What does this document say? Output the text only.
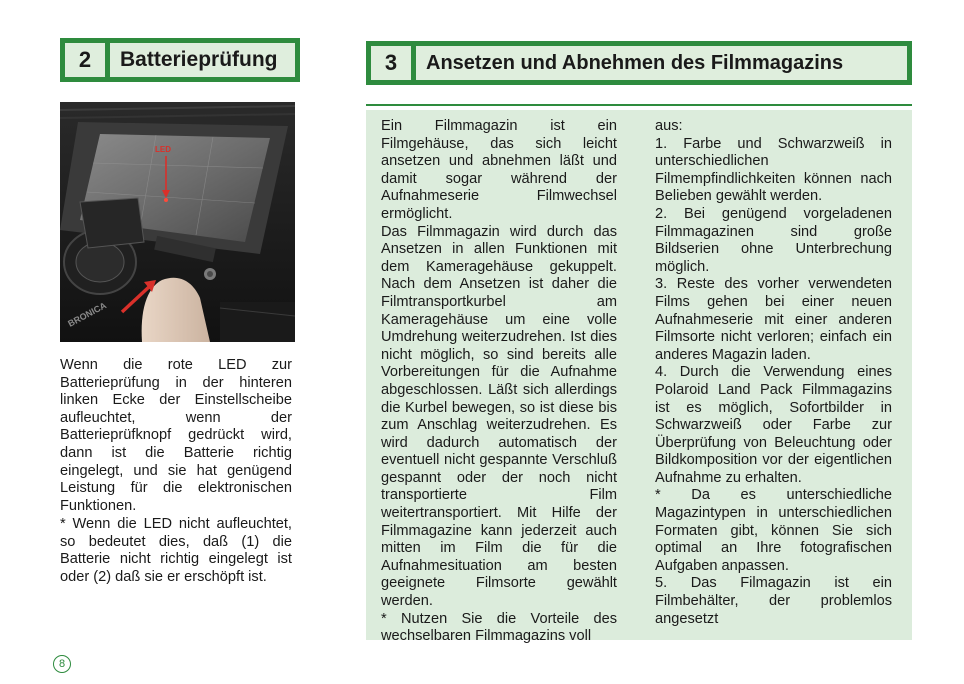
2	Batterieprüfung	3	Ansetzen und Abnehmen des Filmmagazins
LED
BRONICA

Wenn die rote LED zur Batterieprüfung in der hinteren linken Ecke der Einstellscheibe aufleuchtet, wenn der Batterieprüfknopf gedrückt wird, dann ist die Batterie richtig eingelegt, und sie hat genügend Leistung für die elektronischen Funktionen.

* Wenn die LED nicht aufleuchtet, so bedeutet dies, daß (1) die Batterie nicht richtig eingelegt ist oder (2) daß sie er erschöpft ist.

Ein Filmmagazin ist ein Filmgehäuse, das sich leicht ansetzen und abnehmen läßt und damit sogar während der Aufnahmeserie Filmwechsel ermöglicht.

Das Filmmagazin wird durch das Ansetzen in allen Funktionen mit dem Kameragehäuse gekuppelt. Nach dem Ansetzen ist daher die Filmtransportkurbel am Kameragehäuse um eine volle Umdrehung weiterzudrehen. Ist dies nicht möglich, so sind bereits alle Vorbereitungen für die Aufnahme abgeschlossen. Läßt sich allerdings die Kurbel bewegen, so ist diese bis zum Anschlag weiterzudrehen. Es wird dadurch automatisch der eventuell nicht gespannte Verschluß gespannt oder der noch nicht transportierte Film weitertransportiert. Mit Hilfe der Filmmagazine kann jederzeit auch mitten im Film die für die Aufnahmesituation am besten geeignete Filmsorte gewählt werden.

* Nutzen Sie die Vorteile des wechselbaren Filmmagazins voll

aus:

1. Farbe und Schwarzweiß in unterschiedlichen Filmempfindlichkeiten können nach Belieben gewählt werden.

2. Bei genügend vorgeladenen Filmmagazinen sind große Bildserien ohne Unterbrechung möglich.

3. Reste des vorher verwendeten Films gehen bei einer neuen Aufnahmeserie mit einer anderen Filmsorte nicht verloren; einfach ein anderes Magazin laden.

4. Durch die Verwendung eines Polaroid Land Pack Filmmagazins ist es möglich, Sofortbilder in Schwarzweiß oder Farbe zur Überprüfung von Beleuchtung oder Bildkomposition vor der eigentlichen Aufnahme zu erhalten.

* Da es unterschiedliche Magazintypen in unterschiedlichen Formaten gibt, können Sie sich optimal an Ihre fotografischen Aufgaben anpassen.

5. Das Filmagazin ist ein Filmbehälter, der problemlos angesetzt

8
